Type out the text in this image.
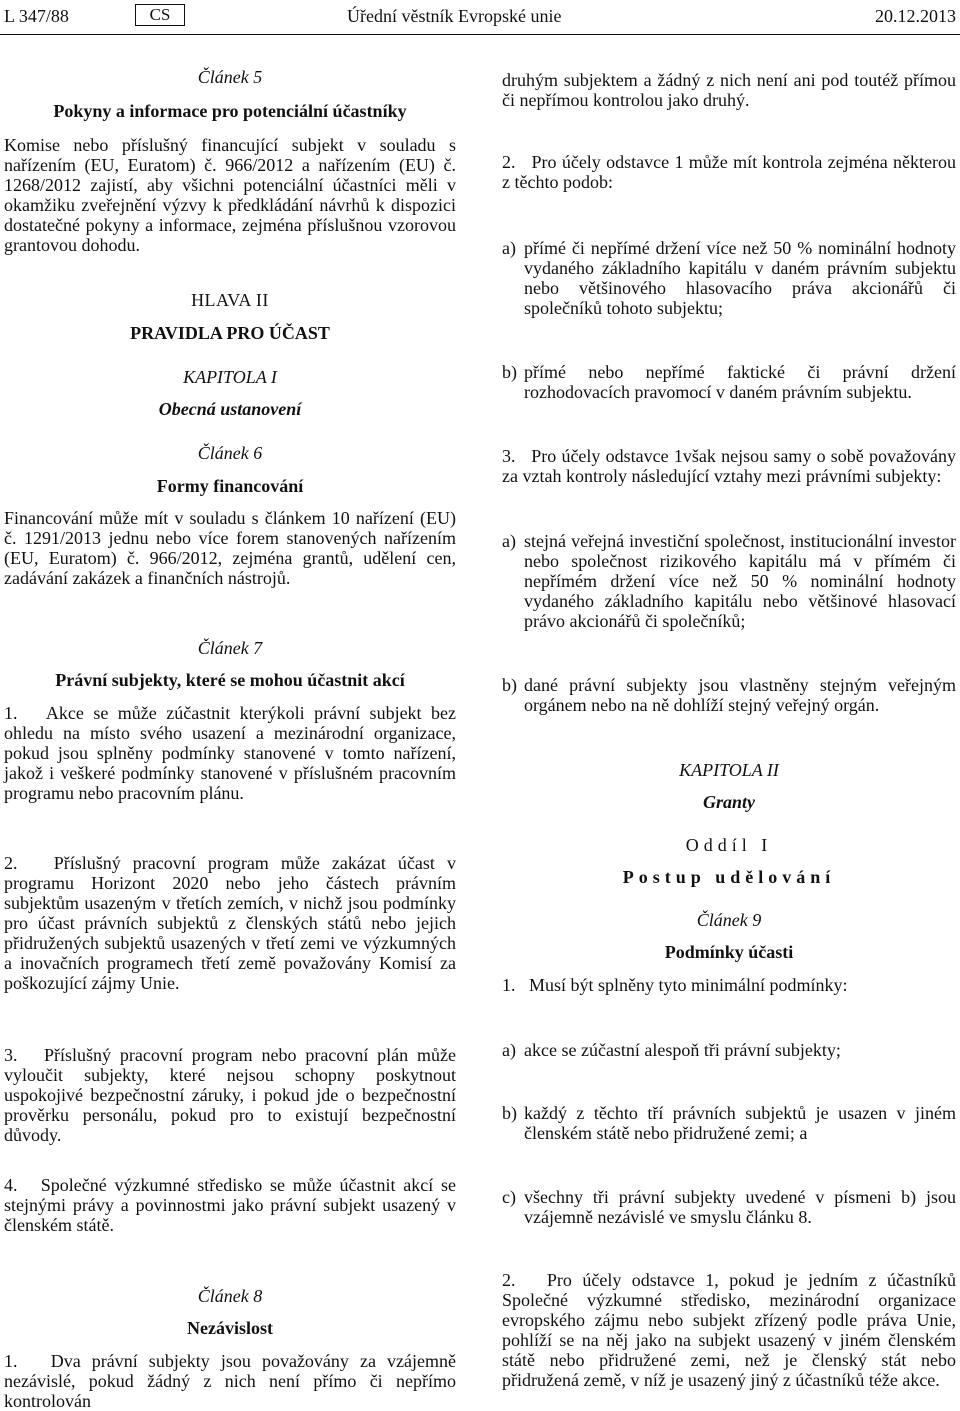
L 347/88	CS	Úřední věstník Evropské unie	20.12.2013
Článek 5
Pokyny a informace pro potenciální účastníky
Komise nebo příslušný financující subjekt v souladu s nařízením (EU, Euratom) č. 966/2012 a nařízením (EU) č. 1268/2012 zajistí, aby všichni potenciální účastníci měli v okamžiku zveřejnění výzvy k předkládání návrhů k dispozici dostatečné pokyny a informace, zejména příslušnou vzorovou grantovou dohodu.
HLAVA II
PRAVIDLA PRO ÚČAST
KAPITOLA I
Obecná ustanovení
Článek 6
Formy financování
Financování může mít v souladu s článkem 10 nařízení (EU) č. 1291/2013 jednu nebo více forem stanovených nařízením (EU, Euratom) č. 966/2012, zejména grantů, udělení cen, zadávání zakázek a finančních nástrojů.
Článek 7
Právní subjekty, které se mohou účastnit akcí
1.   Akce se může zúčastnit kterýkoli právní subjekt bez ohledu na místo svého usazení a mezinárodní organizace, pokud jsou splněny podmínky stanovené v tomto nařízení, jakož i veškeré podmínky stanovené v příslušném pracovním programu nebo pracovním plánu.
2.   Příslušný pracovní program může zakázat účast v programu Horizont 2020 nebo jeho částech právním subjektům usazeným v třetích zemích, v nichž jsou podmínky pro účast právních subjektů z členských států nebo jejich přidružených subjektů usazených v třetí zemi ve výzkumných a inovačních programech třetí země považovány Komisí za poškozující zájmy Unie.
3.   Příslušný pracovní program nebo pracovní plán může vyloučit subjekty, které nejsou schopny poskytnout uspokojivé bezpečnostní záruky, i pokud jde o bezpečnostní prověrku personálu, pokud pro to existují bezpečnostní důvody.
4.   Společné výzkumné středisko se může účastnit akcí se stejnými právy a povinnostmi jako právní subjekt usazený v členském státě.
Článek 8
Nezávislost
1.   Dva právní subjekty jsou považovány za vzájemně nezávislé, pokud žádný z nich není přímo či nepřímo kontrolován
druhým subjektem a žádný z nich není ani pod toutéž přímou či nepřímou kontrolou jako druhý.
2.   Pro účely odstavce 1 může mít kontrola zejména některou z těchto podob:
a) přímé či nepřímé držení více než 50 % nominální hodnoty vydaného základního kapitálu v daném právním subjektu nebo většinového hlasovacího práva akcionářů či společníků tohoto subjektu;
b) přímé nebo nepřímé faktické či právní držení rozhodovacích pravomocí v daném právním subjektu.
3.   Pro účely odstavce 1však nejsou samy o sobě považovány za vztah kontroly následující vztahy mezi právními subjekty:
a) stejná veřejná investiční společnost, institucionální investor nebo společnost rizikového kapitálu má v přímém či nepřímém držení více než 50 % nominální hodnoty vydaného základního kapitálu nebo většinové hlasovací právo akcionářů či společníků;
b) dané právní subjekty jsou vlastněny stejným veřejným orgánem nebo na ně dohlíží stejný veřejný orgán.
KAPITOLA II
Granty
Oddíl I
Postup udělování
Článek 9
Podmínky účasti
1.   Musí být splněny tyto minimální podmínky:
a) akce se zúčastní alespoň tři právní subjekty;
b) každý z těchto tří právních subjektů je usazen v jiném členském státě nebo přidružené zemi; a
c) všechny tři právní subjekty uvedené v písmeni b) jsou vzájemně nezávislé ve smyslu článku 8.
2.   Pro účely odstavce 1, pokud je jedním z účastníků Společné výzkumné středisko, mezinárodní organizace evropského zájmu nebo subjekt zřízený podle práva Unie, pohlíží se na něj jako na subjekt usazený v jiném členském státě nebo přidružené zemi, než je členský stát nebo přidružená země, v níž je usazený jiný z účastníků téže akce.
